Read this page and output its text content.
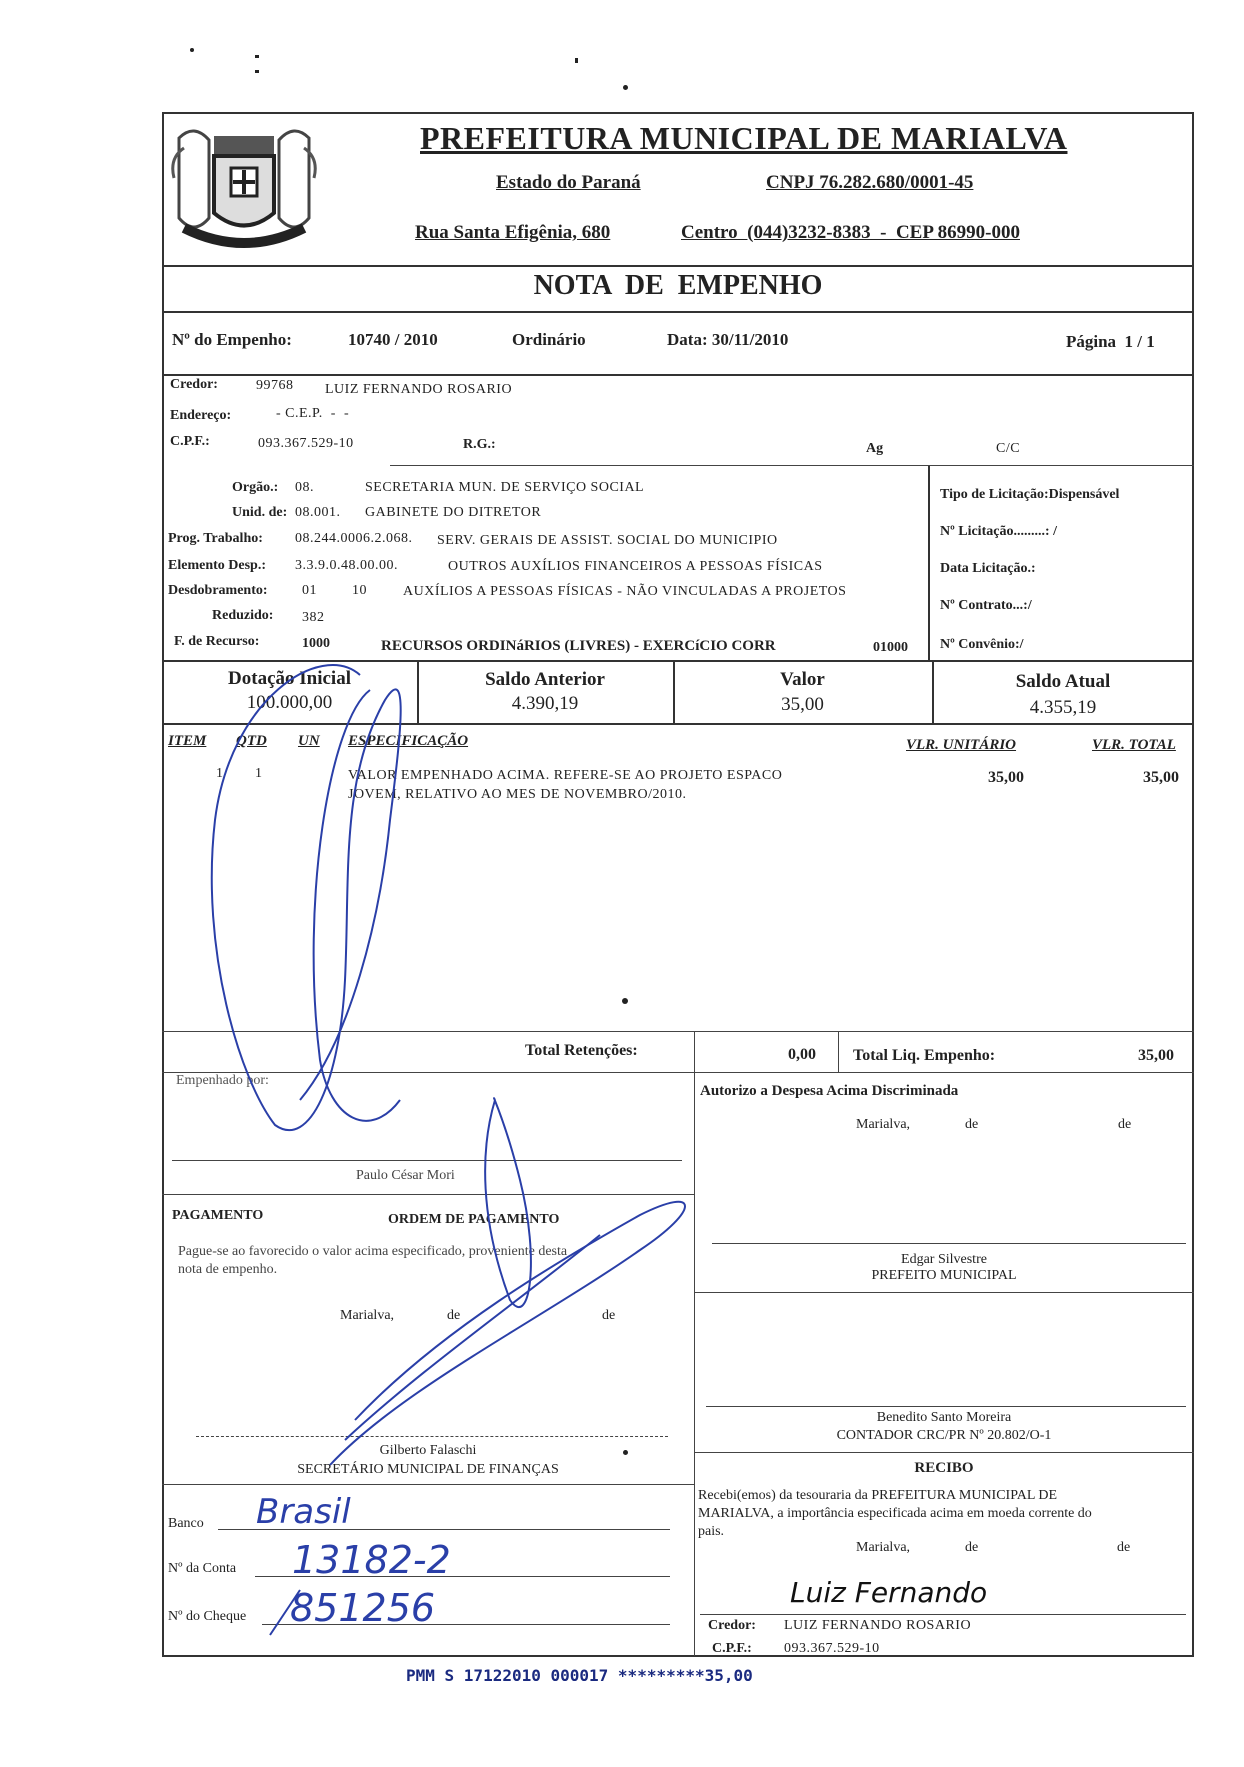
PREFEITURA MUNICIPAL DE MARIALVA
Estado do Paraná	CNPJ 76.282.680/0001-45
Rua Santa Efigênia, 680	Centro  (044)3232-8383  -  CEP 86990-000
NOTA  DE  EMPENHO
Nº do Empenho:	10740 / 2010	Ordinário	Data: 30/11/2010	Página  1 / 1
Credor:	99768 LUIZ FERNANDO ROSARIO
Endereço:	- C.E.P.  -  -
C.P.F.:	093.367.529-10	R.G.:	Ag	C/C
Orgão.: 08.	SECRETARIA MUN. DE SERVIÇO SOCIAL
Unid. de: 08.001. GABINETE DO DITRETOR
Prog. Trabalho: 08.244.0006.2.068. SERV. GERAIS DE ASSIST. SOCIAL DO MUNICIPIO
Elemento Desp.: 3.3.9.0.48.00.00.	OUTROS AUXÍLIOS FINANCEIROS A PESSOAS FÍSICAS
Desdobramento: 01	10	AUXÍLIOS A PESSOAS FÍSICAS - NÃO VINCULADAS A PROJETOS
Reduzido: 382
F. de Recurso:	1000	RECURSOS ORDINáRIOS (LIVRES) - EXERCíCIO CORR	01000
Tipo de Licitação:Dispensável
Nº Licitação.........: /
Data Licitação.:
Nº Contrato...:/
Nº Convênio:/
Dotação Inicial
100.000,00
Saldo Anterior
4.390,19
Valor
35,00
Saldo Atual
4.355,19
ITEM QTD UN ESPECIFICAÇÃO	VLR. UNITÁRIO	VLR. TOTAL
1 1	VALOR EMPENHADO ACIMA. REFERE-SE AO PROJETO ESPACO
JOVEM, RELATIVO AO MES DE NOVEMBRO/2010.
35,00	35,00
Total Retenções:	0,00 Total Liq. Empenho:	35,00
Empenhado por:
Paulo César Mori
Autorizo a Despesa Acima Discriminada
Marialva,	de	de
Edgar Silvestre
PREFEITO MUNICIPAL
Benedito Santo Moreira
CONTADOR CRC/PR Nº 20.802/O-1
PAGAMENTO	ORDEM DE PAGAMENTO
Pague-se ao favorecido o valor acima especificado, proveniente desta
nota de empenho.
Marialva,	de	de
Gilberto Falaschi
SECRETÁRIO MUNICIPAL DE FINANÇAS
Banco Brasil
Nº da Conta 13182-2
Nº do Cheque 851256
RECIBO
Recebi(emos) da tesouraria da PREFEITURA MUNICIPAL DE
MARIALVA, a importância especificada acima em moeda corrente do
pais.
Marialva,	de	de
Luiz Fernando
Credor: LUIZ FERNANDO ROSARIO
C.P.F.: 093.367.529-10
PMM S 17122010 000017 *********35,00
